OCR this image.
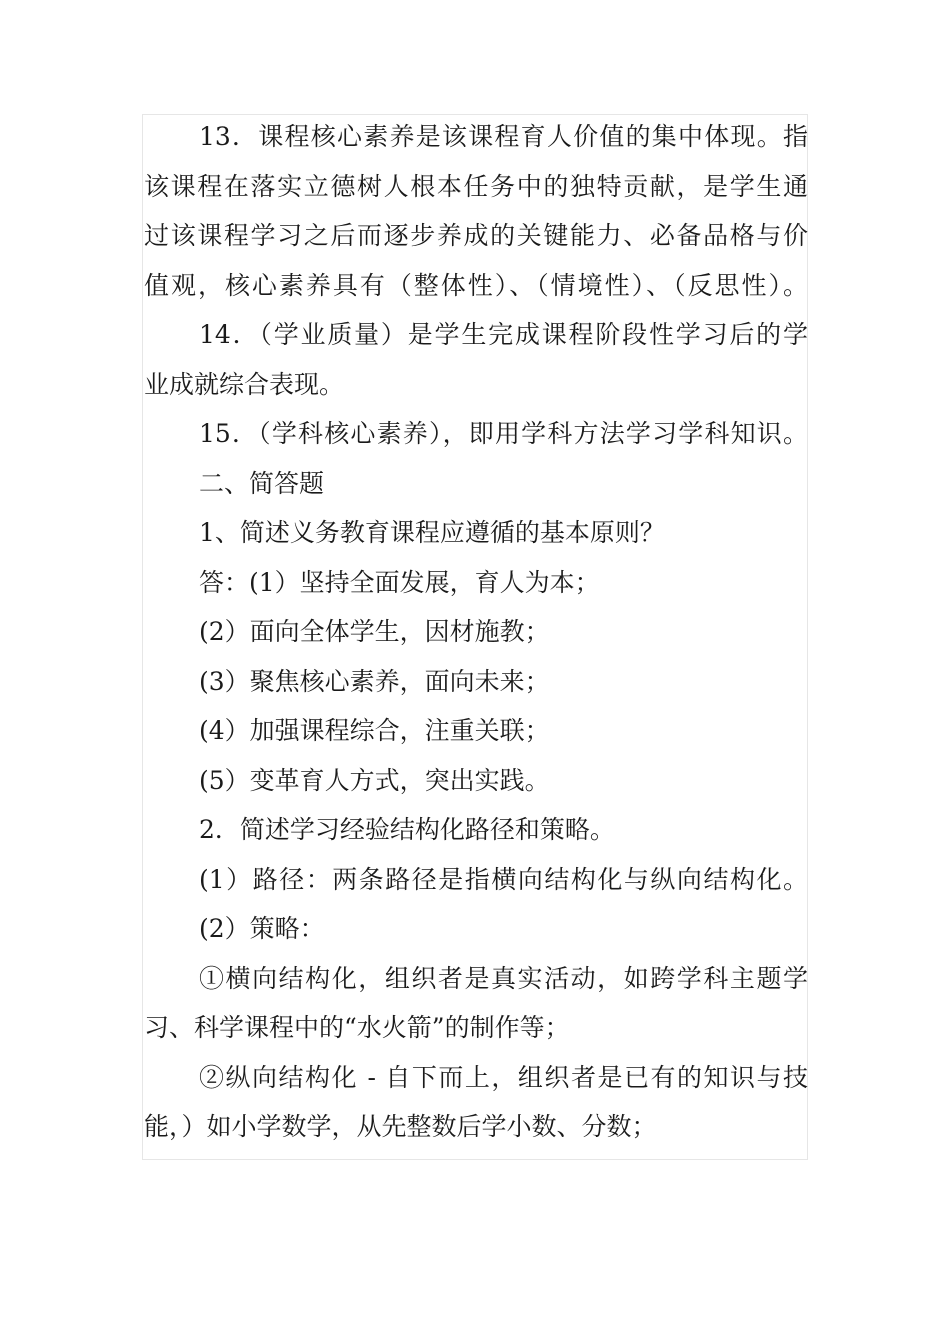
13．课程核心素养是该课程育人价值的集中体现。指
该课程在落实立德树人根本任务中的独特贡献，是学生通
过该课程学习之后而逐步养成的关键能力、必备品格与价
值观，核心素养具有（整体性）、（情境性）、（反思性）。
14．（学业质量）是学生完成课程阶段性学习后的学
业成就综合表现。
15．（学科核心素养），即用学科方法学习学科知识。
二、简答题
1、简述义务教育课程应遵循的基本原则？
答：(1）坚持全面发展，育人为本；
(2）面向全体学生，因材施教；
(3）聚焦核心素养，面向未来；
(4）加强课程综合，注重关联；
(5）变革育人方式，突出实践。
2．简述学习经验结构化路径和策略。
(1）路径：两条路径是指横向结构化与纵向结构化。
(2）策略：
①横向结构化，组织者是真实活动，如跨学科主题学
习、科学课程中的“水火箭”的制作等；
②纵向结构化 - 自下而上，组织者是已有的知识与技
能，）如小学数学，从先整数后学小数、分数；
